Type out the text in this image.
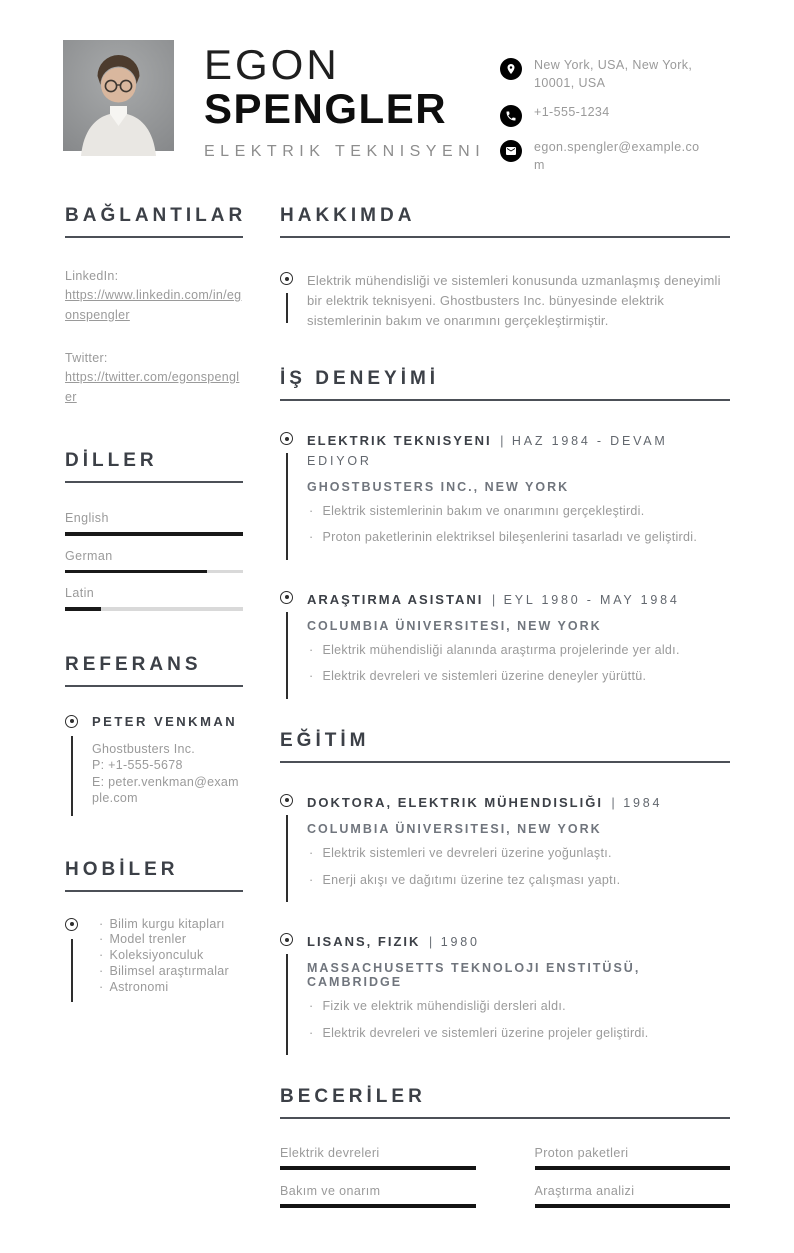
EGON
SPENGLER
ELEKTRIK TEKNISYENI
New York, USA, New York, 10001, USA
+1-555-1234
egon.spengler@example.com
BAĞLANTILAR
LinkedIn:
https://www.linkedin.com/in/egonspengler
Twitter:
https://twitter.com/egonspengler
DİLLER
English
German
Latin
REFERANS
PETER VENKMAN
Ghostbusters Inc.
P: +1-555-5678
E: peter.venkman@example.com
HOBİLER
· Bilim kurgu kitapları
· Model trenler
· Koleksiyonculuk
· Bilimsel araştırmalar
· Astronomi
HAKKIMDA
Elektrik mühendisliği ve sistemleri konusunda uzmanlaşmış deneyimli bir elektrik teknisyeni. Ghostbusters Inc. bünyesinde elektrik sistemlerinin bakım ve onarımını gerçekleştirmiştir.
İŞ DENEYİMİ
ELEKTRIK TEKNISYENI | HAZ 1984 - DEVAM EDIYOR
GHOSTBUSTERS INC., NEW YORK
· Elektrik sistemlerinin bakım ve onarımını gerçekleştirdi.
· Proton paketlerinin elektriksel bileşenlerini tasarladı ve geliştirdi.
ARAŞTIRMA ASISTANI | EYL 1980 - MAY 1984
COLUMBIA ÜNIVERSITESI, NEW YORK
· Elektrik mühendisliği alanında araştırma projelerinde yer aldı.
· Elektrik devreleri ve sistemleri üzerine deneyler yürüttü.
EĞİTİM
DOKTORA, ELEKTRIK MÜHENDISLIĞI | 1984
COLUMBIA ÜNIVERSITESI, NEW YORK
· Elektrik sistemleri ve devreleri üzerine yoğunlaştı.
· Enerji akışı ve dağıtımı üzerine tez çalışması yaptı.
LISANS, FIZIK | 1980
MASSACHUSETTS TEKNOLOJI ENSTITÜSÜ, CAMBRIDGE
· Fizik ve elektrik mühendisliği dersleri aldı.
· Elektrik devreleri ve sistemleri üzerine projeler geliştirdi.
BECERİLER
Elektrik devreleri	Proton paketleri
Bakım ve onarım	Araştırma analizi
